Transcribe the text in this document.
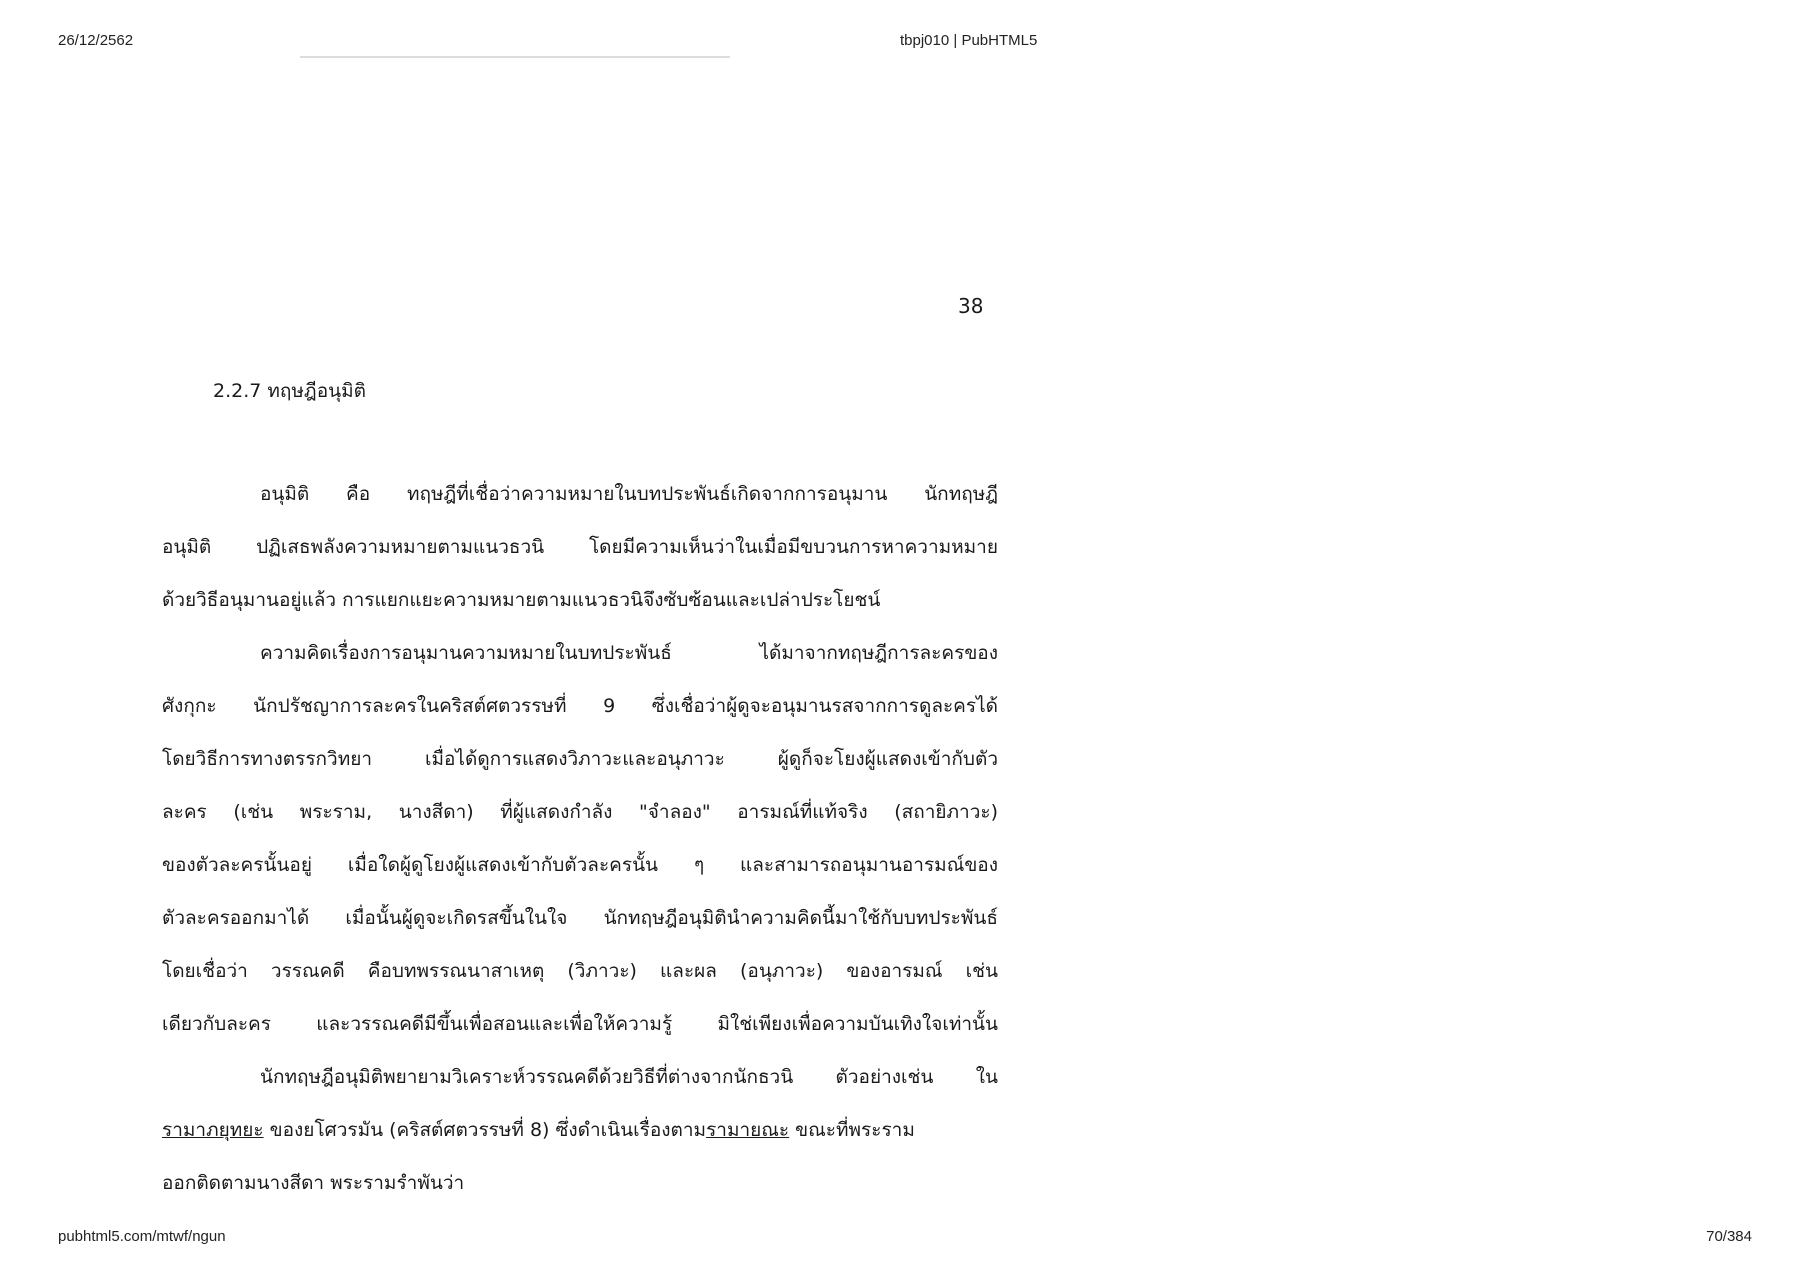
26/12/2562	tbpj010 | PubHTML5
38
2.2.7 ทฤษฎีอนุมิติ
อนุมิติ คือ ทฤษฎีที่เชื่อว่าความหมายในบทประพันธ์เกิดจากการอนุมาน นักทฤษฎี
อนุมิติ ปฏิเสธพลังความหมายตามแนวธวนิ โดยมีความเห็นว่าในเมื่อมีขบวนการหาความหมาย
ด้วยวิธีอนุมานอยู่แล้ว การแยกแยะความหมายตามแนวธวนิจึงซับซ้อนและเปล่าประโยชน์
ความคิดเรื่องการอนุมานความหมายในบทประพันธ์ ได้มาจากทฤษฎีการละครของ
ศังกุกะ นักปรัชญาการละครในคริสต์ศตวรรษที่ 9 ซึ่งเชื่อว่าผู้ดูจะอนุมานรสจากการดูละครได้
โดยวิธีการทางตรรกวิทยา เมื่อได้ดูการแสดงวิภาวะและอนุภาวะ ผู้ดูก็จะโยงผู้แสดงเข้ากับตัว
ละคร (เช่น พระราม, นางสีดา) ที่ผู้แสดงกำลัง "จำลอง" อารมณ์ที่แท้จริง (สถายิภาวะ)
ของตัวละครนั้นอยู่ เมื่อใดผู้ดูโยงผู้แสดงเข้ากับตัวละครนั้น ๆ และสามารถอนุมานอารมณ์ของ
ตัวละครออกมาได้ เมื่อนั้นผู้ดูจะเกิดรสขึ้นในใจ นักทฤษฎีอนุมิตินำความคิดนี้มาใช้กับบทประพันธ์
โดยเชื่อว่า วรรณคดี คือบทพรรณนาสาเหตุ (วิภาวะ) และผล (อนุภาวะ) ของอารมณ์ เช่น
เดียวกับละคร และวรรณคดีมีขึ้นเพื่อสอนและเพื่อให้ความรู้ มิใช่เพียงเพื่อความบันเทิงใจเท่านั้น
นักทฤษฎีอนุมิติพยายามวิเคราะห์วรรณคดีด้วยวิธีที่ต่างจากนักธวนิ ตัวอย่างเช่น ใน
รามาภยุทยะ ของยโศวรมัน (คริสต์ศตวรรษที่ 8) ซึ่งดำเนินเรื่องตามรามายณะ ขณะที่พระราม
ออกติดตามนางสีดา พระรามรำพันว่า
pubhtml5.com/mtwf/ngun	70/384
